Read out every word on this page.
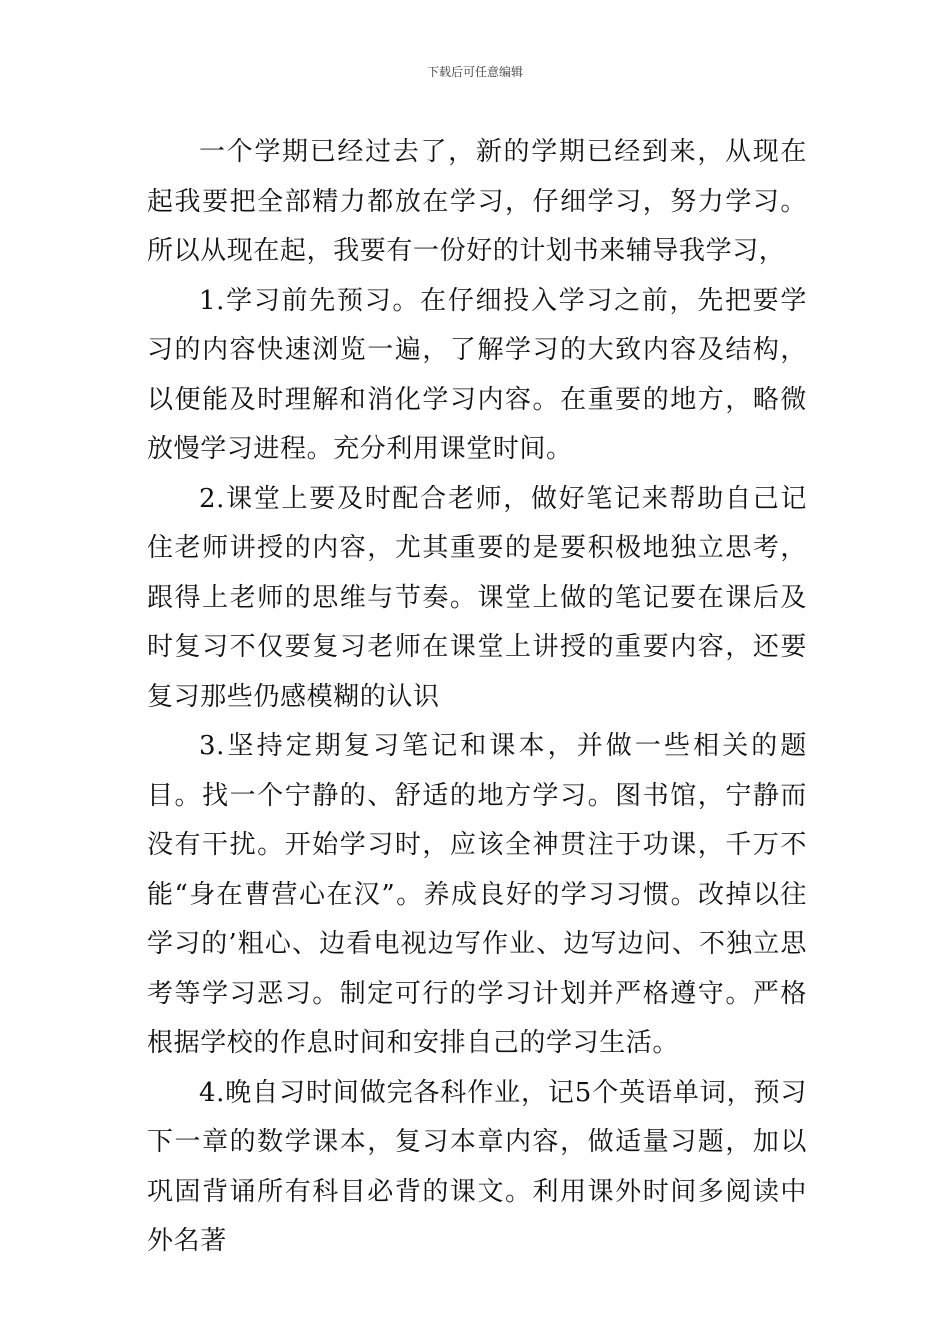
下载后可任意编辑

一个学期已经过去了，新的学期已经到来，从现在起我要把全部精力都放在学习，仔细学习，努力学习。所以从现在起，我要有一份好的计划书来辅导我学习，

1.学习前先预习。在仔细投入学习之前，先把要学习的内容快速浏览一遍，了解学习的大致内容及结构，以便能及时理解和消化学习内容。在重要的地方，略微放慢学习进程。充分利用课堂时间。

2.课堂上要及时配合老师，做好笔记来帮助自己记住老师讲授的内容，尤其重要的是要积极地独立思考，跟得上老师的思维与节奏。课堂上做的笔记要在课后及时复习不仅要复习老师在课堂上讲授的重要内容，还要复习那些仍感模糊的认识

3.坚持定期复习笔记和课本，并做一些相关的题目。找一个宁静的、舒适的地方学习。图书馆，宁静而没有干扰。开始学习时，应该全神贯注于功课，千万不能“身在曹营心在汉”。养成良好的学习习惯。改掉以往学习的’粗心、边看电视边写作业、边写边问、不独立思考等学习恶习。制定可行的学习计划并严格遵守。严格根据学校的作息时间和安排自己的学习生活。

4.晚自习时间做完各科作业，记5个英语单词，预习下一章的数学课本，复习本章内容，做适量习题，加以巩固背诵所有科目必背的课文。利用课外时间多阅读中外名著
